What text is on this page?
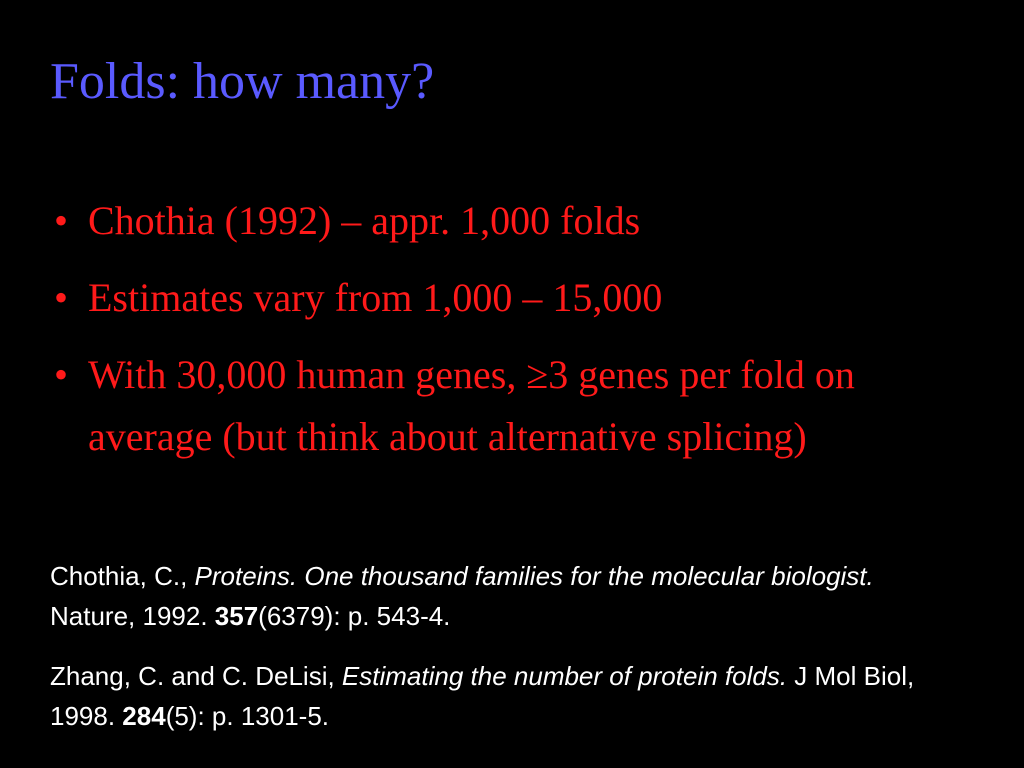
Folds: how many?
• Chothia (1992) – appr. 1,000 folds
• Estimates vary from 1,000 – 15,000
• With 30,000 human genes, ≥3 genes per fold on average (but think about alternative splicing)

Chothia, C., Proteins. One thousand families for the molecular biologist. Nature, 1992. 357(6379): p. 543-4.

Zhang, C. and C. DeLisi, Estimating the number of protein folds. J Mol Biol, 1998. 284(5): p. 1301-5.
